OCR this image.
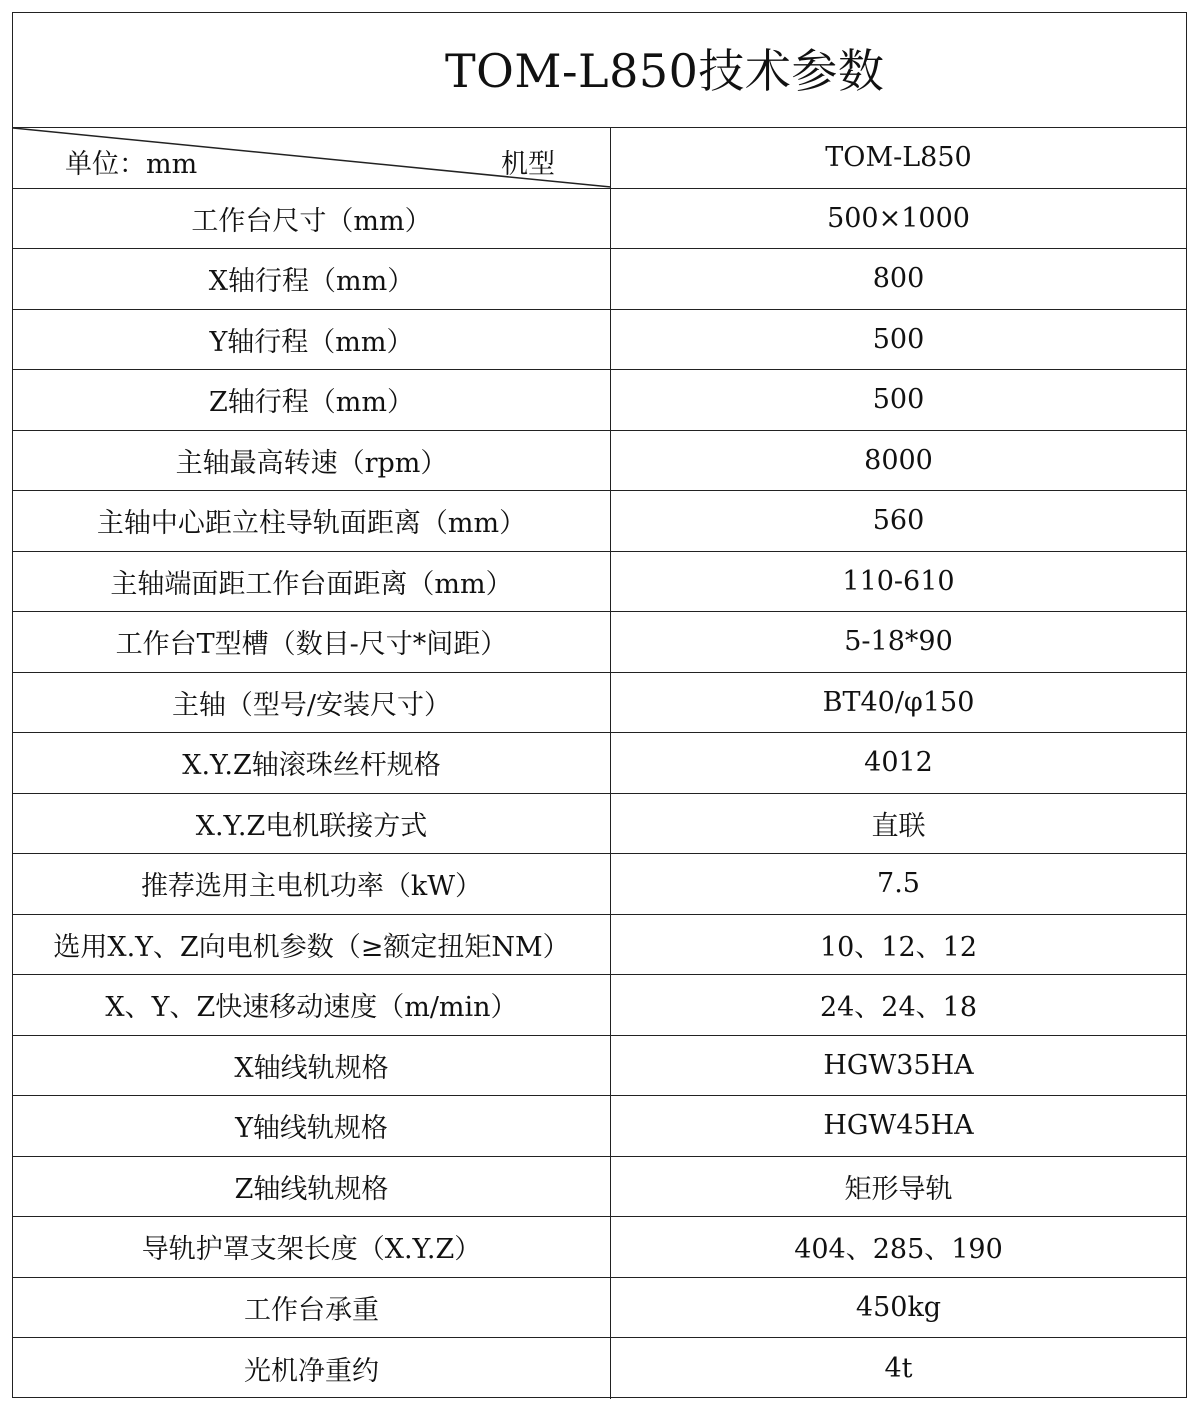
TOM-L850技术参数
单位：mm	机型	TOM-L850
工作台尺寸（mm）	500×1000
X轴行程（mm）	800
Y轴行程（mm）	500
Z轴行程（mm）	500
主轴最高转速（rpm）	8000
主轴中心距立柱导轨面距离（mm）	560
主轴端面距工作台面距离（mm）	110-610
工作台T型槽（数目-尺寸*间距）	5-18*90
主轴（型号/安装尺寸）	BT40/φ150
X.Y.Z轴滚珠丝杆规格	4012
X.Y.Z电机联接方式	直联
推荐选用主电机功率（kW）	7.5
选用X.Y、Z向电机参数（≥额定扭矩NM）	10、12、12
X、Y、Z快速移动速度（m/min）	24、24、18
X轴线轨规格	HGW35HA
Y轴线轨规格	HGW45HA
Z轴线轨规格	矩形导轨
导轨护罩支架长度（X.Y.Z）	404、285、190
工作台承重	450kg
光机净重约	4t
